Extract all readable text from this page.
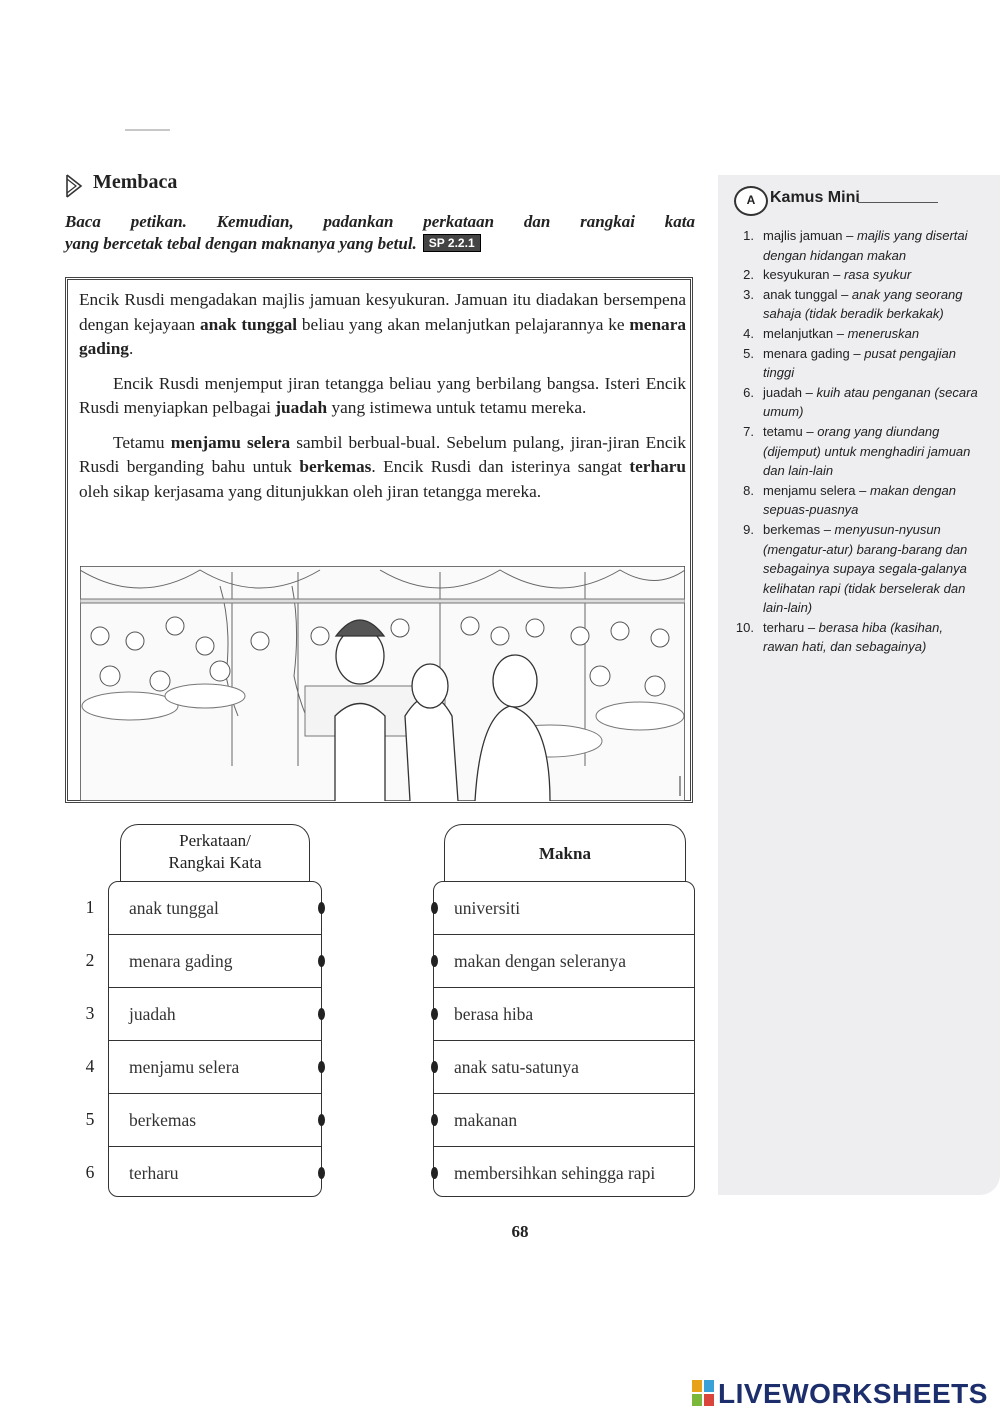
A Kamus Mini
1. majlis jamuan – majlis yang disertai dengan hidangan makan
2. kesyukuran – rasa syukur
3. anak tunggal – anak yang seorang sahaja (tidak beradik berkakak)
4. melanjutkan – meneruskan
5. menara gading – pusat pengajian tinggi
6. juadah – kuih atau penganan (secara umum)
7. tetamu – orang yang diundang (dijemput) untuk menghadiri jamuan dan lain-lain
8. menjamu selera – makan dengan sepuas-puasnya
9. berkemas – menyusun-nyusun (mengatur-atur) barang-barang dan sebagainya supaya segala-galanya kelihatan rapi (tidak berselerak dan lain-lain)
10. terharu – berasa hiba (kasihan, rawan hati, dan sebagainya)
Membaca
Baca petikan. Kemudian, padankan perkataan dan rangkai kata
yang bercetak tebal dengan maknanya yang betul. SP 2.2.1

Encik Rusdi mengadakan majlis jamuan kesyukuran. Jamuan itu diadakan bersempena dengan kejayaan anak tunggal beliau yang akan melanjutkan pelajarannya ke menara gading.

Encik Rusdi menjemput jiran tetangga beliau yang berbilang bangsa. Isteri Encik Rusdi menyiapkan pelbagai juadah yang istimewa untuk tetamu mereka.

Tetamu menjamu selera sambil berbual-bual. Sebelum pulang, jiran-jiran Encik Rusdi berganding bahu untuk berkemas. Encik Rusdi dan isterinya sangat terharu oleh sikap kerjasama yang ditunjukkan oleh jiran tetangga mereka.

Perkataan/
Rangkai Kata	Makna
anak tunggal
menara gading
juadah
menjamu selera
berkemas
terharu
universiti
makan dengan seleranya
berasa hiba
anak satu-satunya
makanan
membersihkan sehingga rapi
1
2
3
4
5
6
68
LIVEWORKSHEETS
